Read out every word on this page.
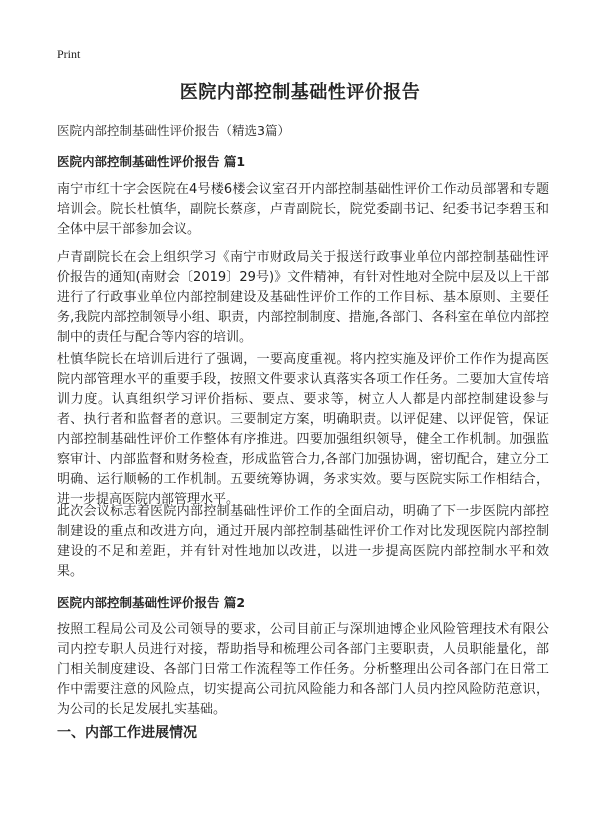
Print
医院内部控制基础性评价报告

医院内部控制基础性评价报告（精选3篇）

医院内部控制基础性评价报告 篇1

南宁市红十字会医院在4号楼6楼会议室召开内部控制基础性评价工作动员部署和专题培训会。院长杜慎华，副院长蔡彦，卢青副院长，院党委副书记、纪委书记李碧玉和全体中层干部参加会议。

卢青副院长在会上组织学习《南宁市财政局关于报送行政事业单位内部控制基础性评价报告的通知(南财会〔2019〕29号)》文件精神，有针对性地对全院中层及以上干部进行了行政事业单位内部控制建设及基础性评价工作的工作目标、基本原则、主要任务,我院内部控制领导小组、职责，内部控制制度、措施,各部门、各科室在单位内部控制中的责任与配合等内容的培训。

杜慎华院长在培训后进行了强调，一要高度重视。将内控实施及评价工作作为提高医院内部管理水平的重要手段，按照文件要求认真落实各项工作任务。二要加大宣传培训力度。认真组织学习评价指标、要点、要求等，树立人人都是内部控制建设参与者、执行者和监督者的意识。三要制定方案，明确职责。以评促建、以评促管，保证内部控制基础性评价工作整体有序推进。四要加强组织领导，健全工作机制。加强监察审计、内部监督和财务检查，形成监管合力,各部门加强协调，密切配合，建立分工明确、运行顺畅的工作机制。五要统筹协调，务求实效。要与医院实际工作相结合，进一步提高医院内部管理水平。

此次会议标志着医院内部控制基础性评价工作的全面启动，明确了下一步医院内部控制建设的重点和改进方向，通过开展内部控制基础性评价工作对比发现医院内部控制建设的不足和差距，并有针对性地加以改进，以进一步提高医院内部控制水平和效果。

医院内部控制基础性评价报告 篇2

按照工程局公司及公司领导的要求，公司目前正与深圳迪博企业风险管理技术有限公司内控专职人员进行对接，帮助指导和梳理公司各部门主要职责，人员职能量化，部门相关制度建设、各部门日常工作流程等工作任务。分析整理出公司各部门在日常工作中需要注意的风险点，切实提高公司抗风险能力和各部门人员内控风险防范意识，为公司的长足发展扎实基础。

一、内部工作进展情况
